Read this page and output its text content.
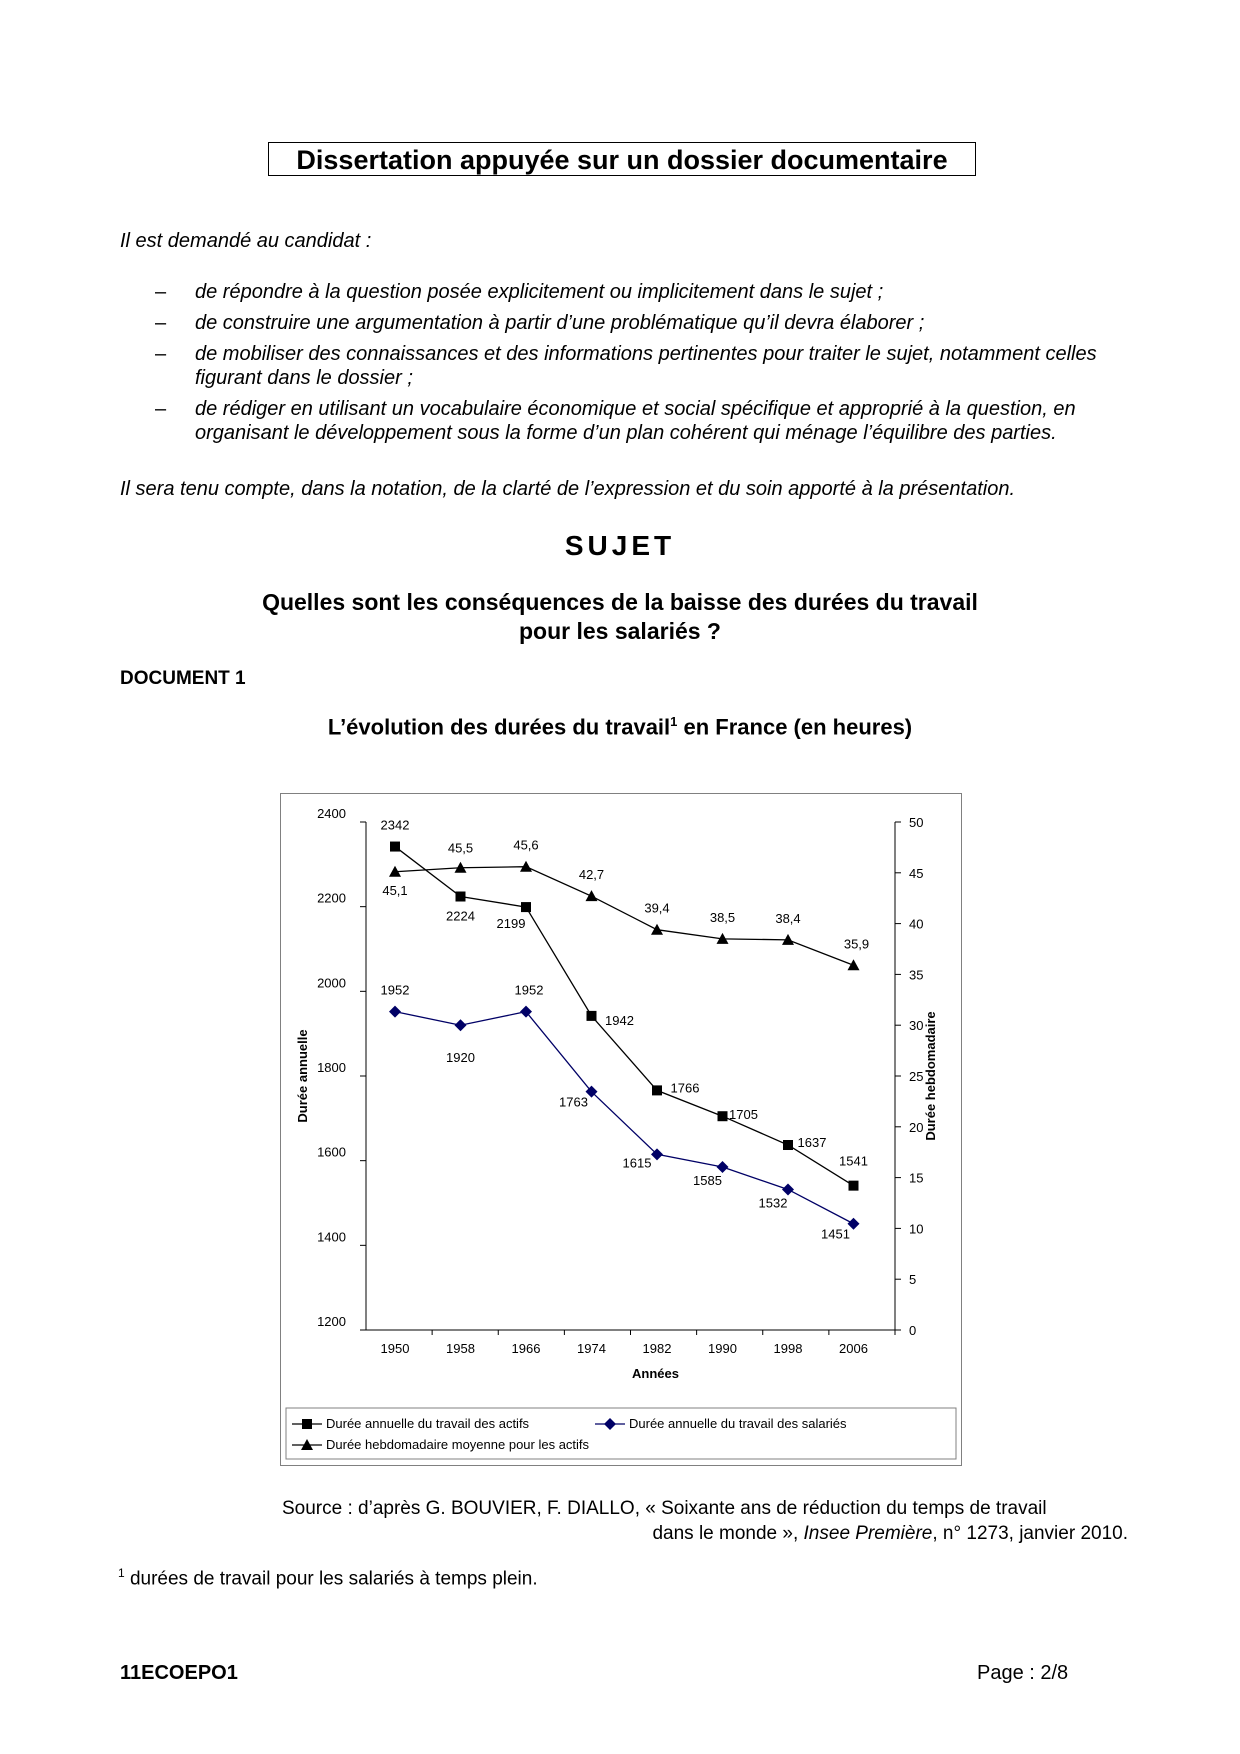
Dissertation appuyée sur un dossier documentaire
Il est demandé au candidat :
– de répondre à la question posée explicitement ou implicitement dans le sujet ;
– de construire une argumentation à partir d’une problématique qu’il devra élaborer ;
– de mobiliser des connaissances et des informations pertinentes pour traiter le sujet, notamment celles figurant dans le dossier ;
– de rédiger en utilisant un vocabulaire économique et social spécifique et approprié à la question, en organisant le développement sous la forme d’un plan cohérent qui ménage l’équilibre des parties.
Il sera tenu compte, dans la notation, de la clarté de l’expression et du soin apporté à la présentation.
SUJET
Quelles sont les conséquences de la baisse des durées du travail
pour les salariés ?
DOCUMENT 1
L’évolution des durées du travail$^1$ en France (en heures)
1200
1400
1600
1800
2000
2200
2400
0
5
10
15
20
25
30
35
40
45
50
1950	1958	1966	1974	1982	1990	1998	2006
Années
Durée annuelle	Durée hebdomadaire
2342
2224
2199
1942
1766
1705
1637
1541
1952
1920
1952
1763
1615
1585
1532
1451
45,1
45,5	45,6
42,7
39,4
38,5	38,4
35,9
Durée annuelle du travail des actifs	Durée annuelle du travail des salariés
Durée hebdomadaire moyenne pour les actifs
Source : d’après G. BOUVIER, F. DIALLO, « Soixante ans de réduction du temps de travail
dans le monde », Insee Première, n° 1273, janvier 2010.
$^1$ durées de travail pour les salariés à temps plein.
11ECOEPO1	Page : 2/8
